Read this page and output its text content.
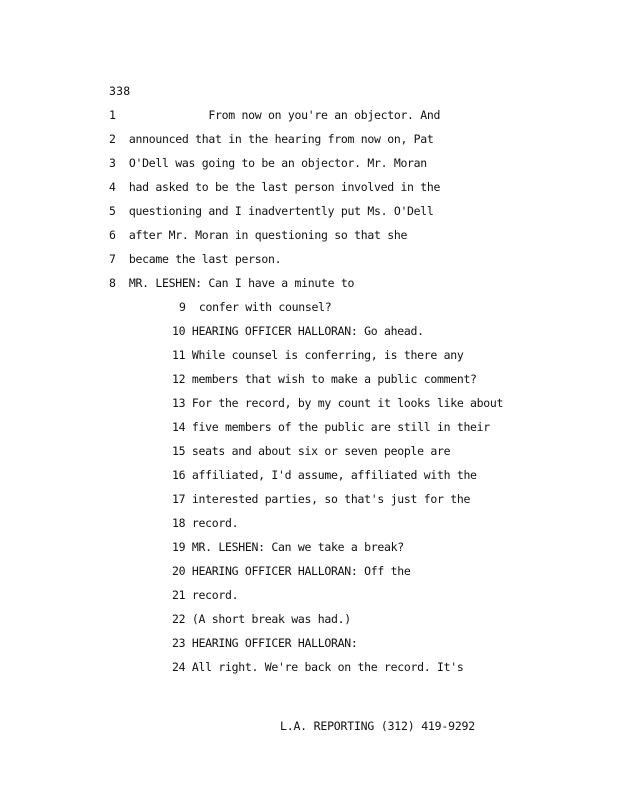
338
1              From now on you're an objector. And
2  announced that in the hearing from now on, Pat
3  O'Dell was going to be an objector. Mr. Moran
4  had asked to be the last person involved in the
5  questioning and I inadvertently put Ms. O'Dell
6  after Mr. Moran in questioning so that she
7  became the last person.
8  MR. LESHEN: Can I have a minute to
9  confer with counsel?
10 HEARING OFFICER HALLORAN: Go ahead.
11 While counsel is conferring, is there any
12 members that wish to make a public comment?
13 For the record, by my count it looks like about
14 five members of the public are still in their
15 seats and about six or seven people are
16 affiliated, I'd assume, affiliated with the
17 interested parties, so that's just for the
18 record.
19 MR. LESHEN: Can we take a break?
20 HEARING OFFICER HALLORAN: Off the
21 record.
22 (A short break was had.)
23 HEARING OFFICER HALLORAN:
24 All right. We're back on the record. It's
L.A. REPORTING (312) 419-9292
